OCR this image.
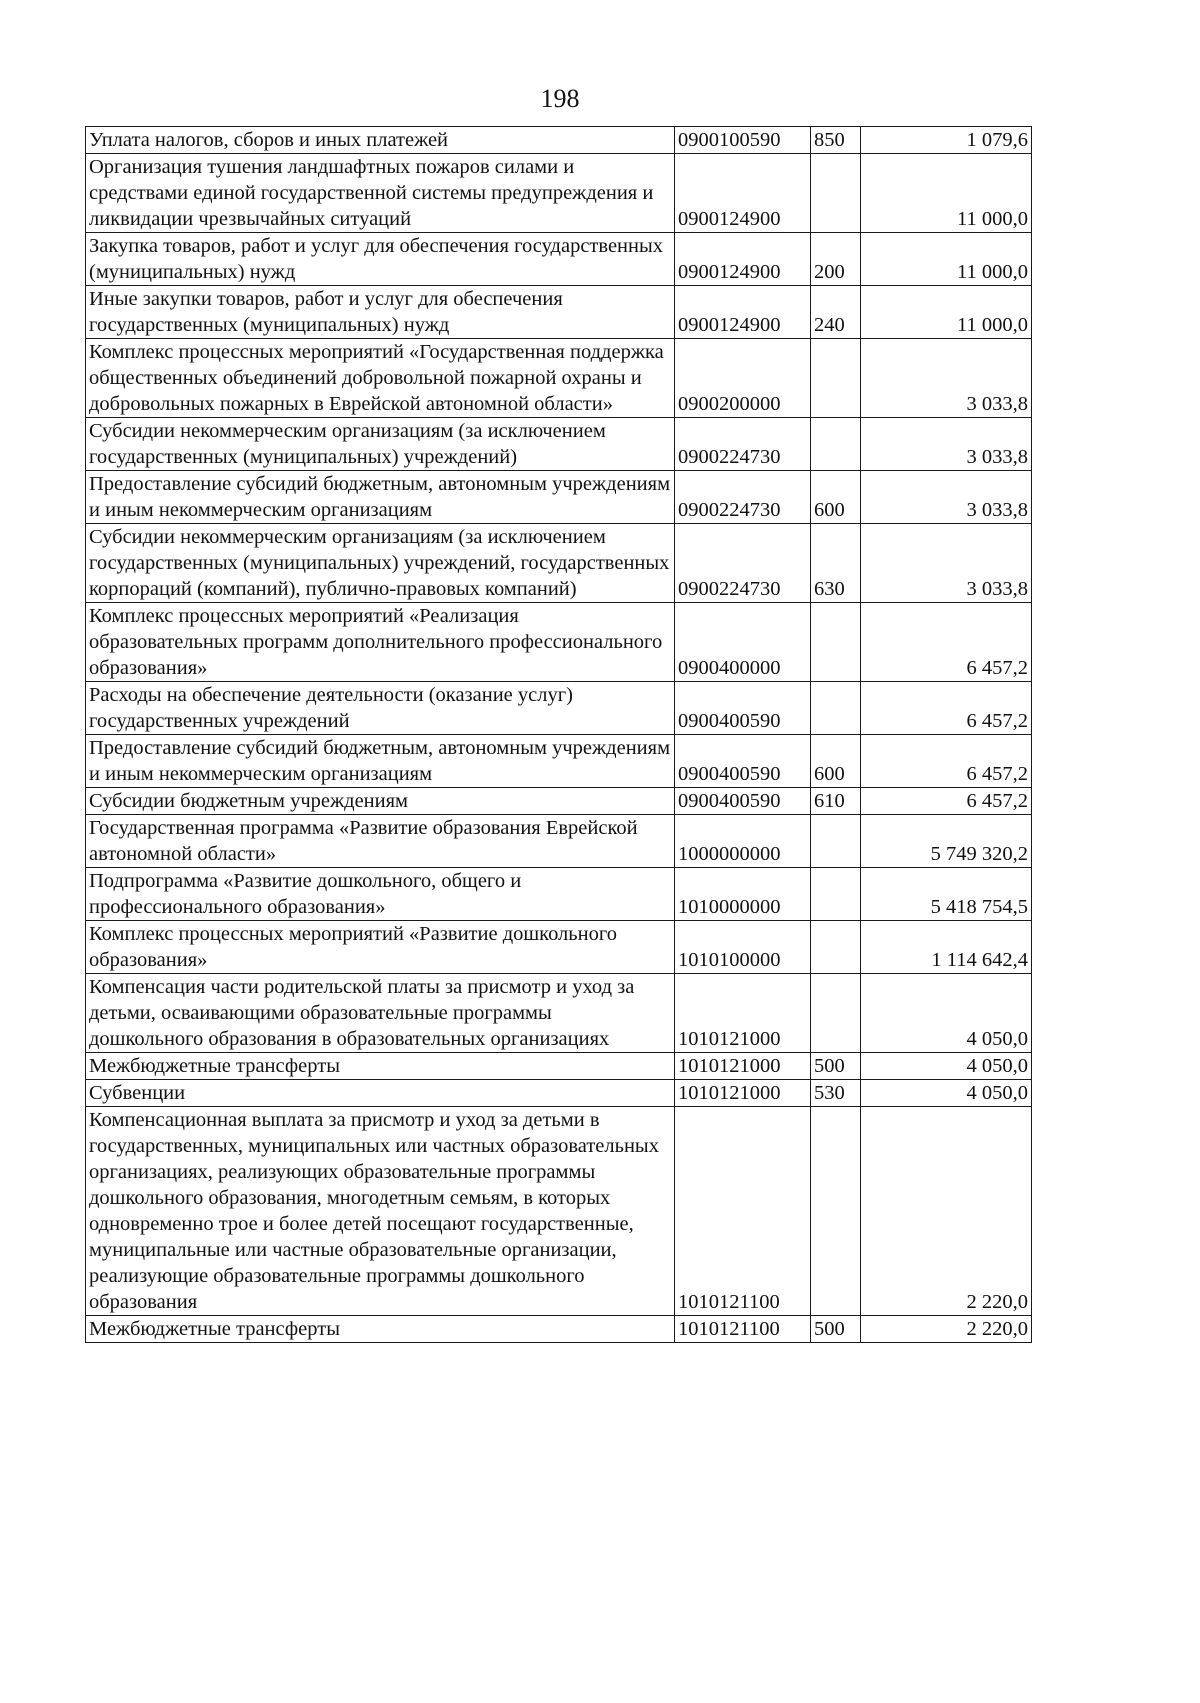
198
Уплата налогов, сборов и иных платежей	0900100590	850	1 079,6
Организация тушения ландшафтных пожаров силами и средствами единой государственной системы предупреждения и ликвидации чрезвычайных ситуаций	0900124900		11 000,0
Закупка товаров, работ и услуг для обеспечения государственных (муниципальных) нужд	0900124900	200	11 000,0
Иные закупки товаров, работ и услуг для обеспечения государственных (муниципальных) нужд	0900124900	240	11 000,0
Комплекс процессных мероприятий «Государственная поддержка общественных объединений добровольной пожарной охраны и добровольных пожарных в Еврейской автономной области»	0900200000		3 033,8
Субсидии некоммерческим организациям (за исключением государственных (муниципальных) учреждений)	0900224730		3 033,8
Предоставление субсидий бюджетным, автономным учреждениям и иным некоммерческим организациям	0900224730	600	3 033,8
Субсидии некоммерческим организациям (за исключением государственных (муниципальных) учреждений, государственных корпораций (компаний), публично-правовых компаний)	0900224730	630	3 033,8
Комплекс процессных мероприятий «Реализация образовательных программ дополнительного профессионального образования»	0900400000		6 457,2
Расходы на обеспечение деятельности (оказание услуг) государственных учреждений	0900400590		6 457,2
Предоставление субсидий бюджетным, автономным учреждениям и иным некоммерческим организациям	0900400590	600	6 457,2
Субсидии бюджетным учреждениям	0900400590	610	6 457,2
Государственная программа «Развитие образования Еврейской автономной области»	1000000000		5 749 320,2
Подпрограмма «Развитие дошкольного, общего и профессионального образования»	1010000000		5 418 754,5
Комплекс процессных мероприятий «Развитие дошкольного образования»	1010100000		1 114 642,4
Компенсация части родительской платы за присмотр и уход за детьми, осваивающими образовательные программы дошкольного образования в образовательных организациях	1010121000		4 050,0
Межбюджетные трансферты	1010121000	500	4 050,0
Субвенции	1010121000	530	4 050,0
Компенсационная выплата за присмотр и уход за детьми в государственных, муниципальных или частных образовательных организациях, реализующих образовательные программы дошкольного образования, многодетным семьям, в которых одновременно трое и более детей посещают государственные, муниципальные или частные образовательные организации, реализующие образовательные программы дошкольного образования	1010121100		2 220,0
Межбюджетные трансферты	1010121100	500	2 220,0
